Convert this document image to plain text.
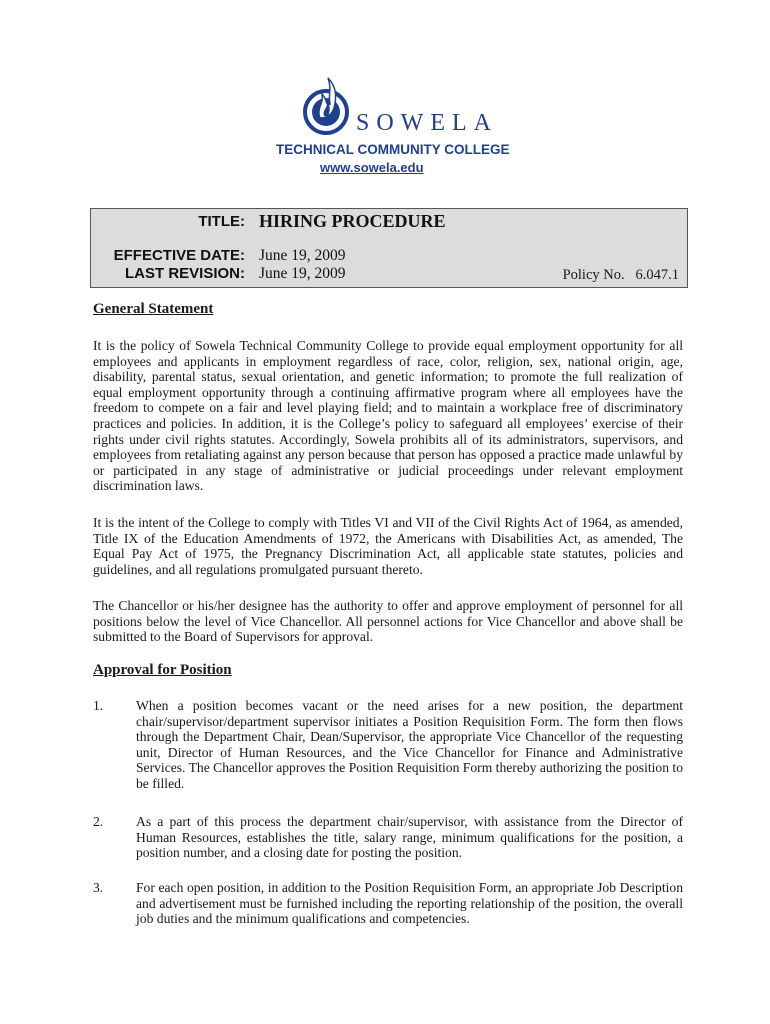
SOWELA
TECHNICAL COMMUNITY COLLEGE
www.sowela.edu
TITLE: HIRING PROCEDURE
EFFECTIVE DATE: June 19, 2009
LAST REVISION: June 19, 2009	Policy No. 6.047.1
General Statement

It is the policy of Sowela Technical Community College to provide equal employment opportunity for all employees and applicants in employment regardless of race, color, religion, sex, national origin, age, disability, parental status, sexual orientation, and genetic information; to promote the full realization of equal employment opportunity through a continuing affirmative program where all employees have the freedom to compete on a fair and level playing field; and to maintain a workplace free of discriminatory practices and policies. In addition, it is the College’s policy to safeguard all employees’ exercise of their rights under civil rights statutes. Accordingly, Sowela prohibits all of its administrators, supervisors, and employees from retaliating against any person because that person has opposed a practice made unlawful by or participated in any stage of administrative or judicial proceedings under relevant employment discrimination laws.

It is the intent of the College to comply with Titles VI and VII of the Civil Rights Act of 1964, as amended, Title IX of the Education Amendments of 1972, the Americans with Disabilities Act, as amended, The Equal Pay Act of 1975, the Pregnancy Discrimination Act, all applicable state statutes, policies and guidelines, and all regulations promulgated pursuant thereto.

The Chancellor or his/her designee has the authority to offer and approve employment of personnel for all positions below the level of Vice Chancellor. All personnel actions for Vice Chancellor and above shall be submitted to the Board of Supervisors for approval.

Approval for Position
1. When a position becomes vacant or the need arises for a new position, the department chair/supervisor/department supervisor initiates a Position Requisition Form. The form then flows through the Department Chair, Dean/Supervisor, the appropriate Vice Chancellor of the requesting unit, Director of Human Resources, and the Vice Chancellor for Finance and Administrative Services. The Chancellor approves the Position Requisition Form thereby authorizing the position to be filled.

2. As a part of this process the department chair/supervisor, with assistance from the Director of Human Resources, establishes the title, salary range, minimum qualifications for the position, a position number, and a closing date for posting the position.

3. For each open position, in addition to the Position Requisition Form, an appropriate Job Description and advertisement must be furnished including the reporting relationship of the position, the overall job duties and the minimum qualifications and competencies.
